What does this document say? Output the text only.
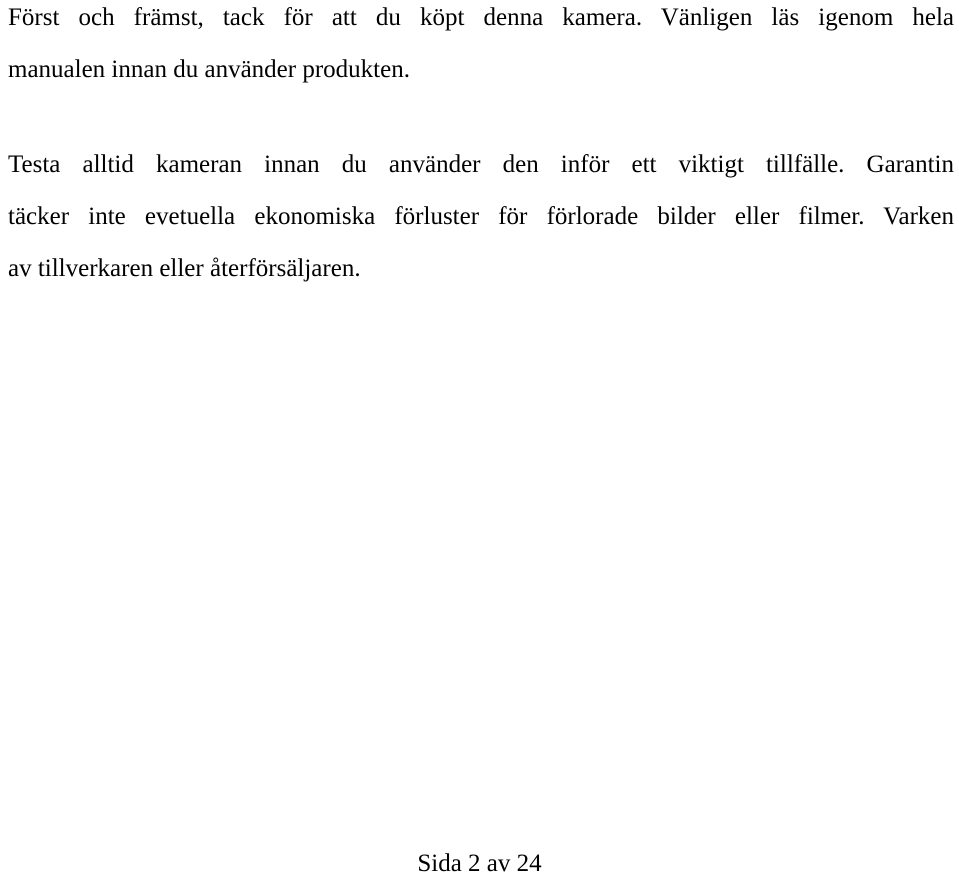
Först och främst, tack för att du köpt denna kamera. Vänligen läs igenom hela
manualen innan du använder produkten.

Testa alltid kameran innan du använder den inför ett viktigt tillfälle. Garantin
täcker inte evetuella ekonomiska förluster för förlorade bilder eller filmer. Varken
av tillverkaren eller återförsäljaren.

Sida 2 av 24
